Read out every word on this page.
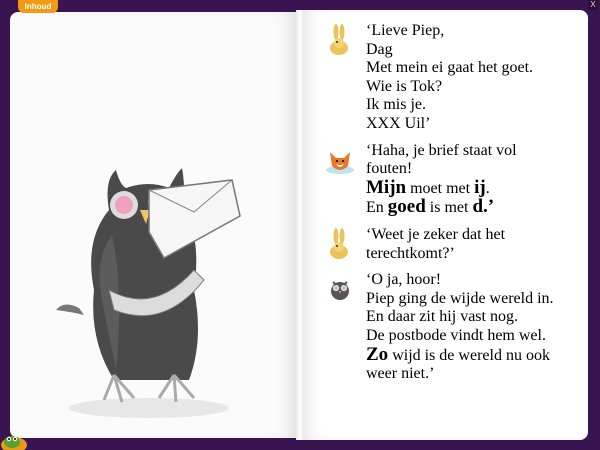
Inhoud	X
‘Lieve Piep,
Dag
Met mein ei gaat het goet.
Wie is Tok?
Ik mis je.
XXX Uil’
‘Haha, je brief staat vol
fouten!
Mijn moet met ij.
En goed is met d.’
‘Weet je zeker dat het
terechtkomt?’
‘O ja, hoor!
Piep ging de wijde wereld in.
En daar zit hij vast nog.
De postbode vindt hem wel.
Zo wijd is de wereld nu ook
weer niet.’
